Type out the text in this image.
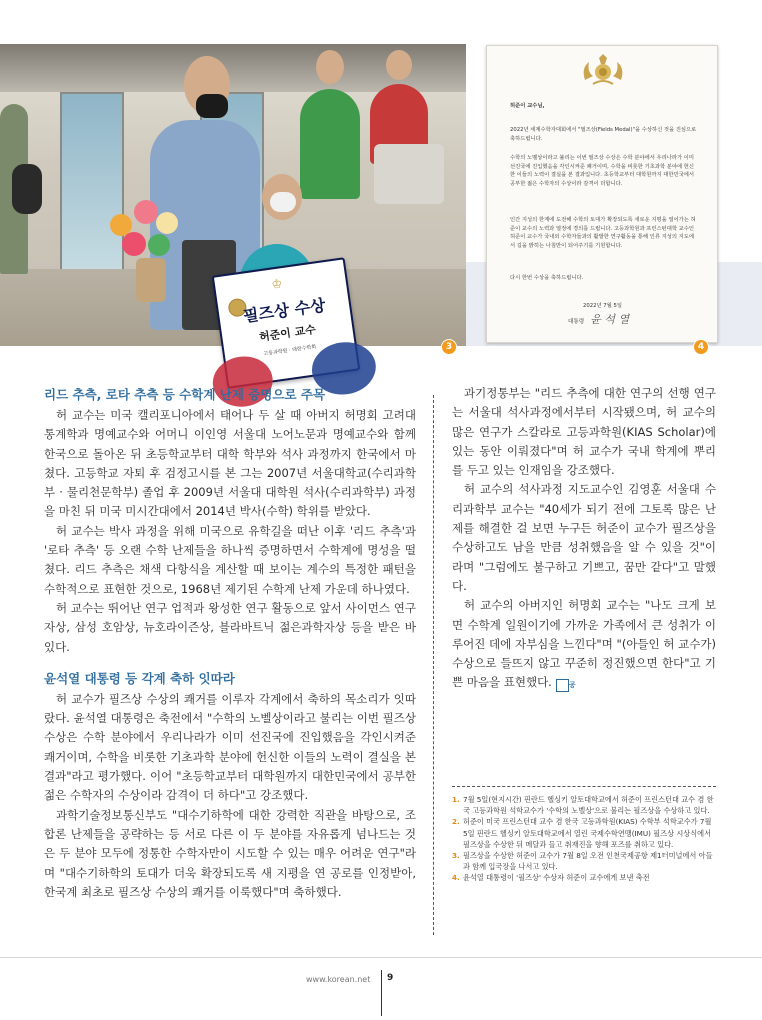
♔
필즈상 수상
허준이 교수
고등과학원 · 대한수학회	3
허준이 교수님,
2022년 세계수학자대회에서 "필즈상(Fields Medal)"을 수상하신 것을 진심으로 축하드립니다.
수학의 노벨상이라고 불리는 이번 필즈상 수상은 수학 분야에서 우리나라가 이미 선진국에 진입했음을 각인시켜준 쾌거이며, 수학을 비롯한 기초과학 분야에 헌신한 이들의 노력이 결실을 본 결과입니다. 초등학교부터 대학원까지 대한민국에서 공부한 젊은 수학자의 수상이라 감격이 더합니다.
인간 지성의 한계에 도전해 수학의 토대가 확장되도록 새로운 지평을 열어가는 허준이 교수의 노력과 열정에 경의를 드립니다. 고등과학원과 프린스턴대학 교수인 허준이 교수가 국내외 수학자들과의 활발한 연구활동을 통해 인류 지성의 지도에서 길을 밝히는 나침반이 되어주기를 기원합니다.
다시 한번 수상을 축하드립니다.
2022년 7월 5일
대통령 윤 석 열
4
리드 추측, 로타 추측 등 수학계 난제 증명으로 주목

허 교수는 미국 캘리포니아에서 태어나 두 살 때 아버지 허명회 고려대 통계학과 명예교수와 어머니 이인영 서울대 노어노문과 명예교수와 함께 한국으로 돌아온 뒤 초등학교부터 대학 학부와 석사 과정까지 한국에서 마쳤다. 고등학교 자퇴 후 검정고시를 본 그는 2007년 서울대학교(수리과학부 · 물리천문학부) 졸업 후 2009년 서울대 대학원 석사(수리과학부) 과정을 마친 뒤 미국 미시간대에서 2014년 박사(수학) 학위를 받았다.

허 교수는 박사 과정을 위해 미국으로 유학길을 떠난 이후 '리드 추측'과 '로타 추측' 등 오랜 수학 난제들을 하나씩 증명하면서 수학계에 명성을 떨쳤다. 리드 추측은 채색 다항식을 계산할 때 보이는 계수의 특정한 패턴을 수학적으로 표현한 것으로, 1968년 제기된 수학계 난제 가운데 하나였다.

허 교수는 뛰어난 연구 업적과 왕성한 연구 활동으로 앞서 사이먼스 연구자상, 삼성 호암상, 뉴호라이즌상, 블라바트닉 젊은과학자상 등을 받은 바 있다.

윤석열 대통령 등 각계 축하 잇따라

허 교수가 필즈상 수상의 쾌거를 이루자 각계에서 축하의 목소리가 잇따랐다. 윤석열 대통령은 축전에서 "수학의 노벨상이라고 불리는 이번 필즈상 수상은 수학 분야에서 우리나라가 이미 선진국에 진입했음을 각인시켜준 쾌거이며, 수학을 비롯한 기초과학 분야에 헌신한 이들의 노력이 결실을 본 결과"라고 평가했다. 이어 "초등학교부터 대학원까지 대한민국에서 공부한 젊은 수학자의 수상이라 감격이 더 하다"고 강조했다.

과학기술정보통신부도 "대수기하학에 대한 강력한 직관을 바탕으로, 조합론 난제들을 공략하는 등 서로 다른 이 두 분야를 자유롭게 넘나드는 것은 두 분야 모두에 정통한 수학자만이 시도할 수 있는 매우 어려운 연구"라며 "대수기하학의 토대가 더욱 확장되도록 새 지평을 연 공로를 인정받아, 한국계 최초로 필즈상 수상의 쾌거를 이룩했다"며 축하했다.

과기정통부는 "리드 추측에 대한 연구의 선행 연구는 서울대 석사과정에서부터 시작됐으며, 허 교수의 많은 연구가 스칼라로 고등과학원(KIAS Scholar)에 있는 동안 이뤄졌다"며 허 교수가 국내 학계에 뿌리를 두고 있는 인재임을 강조했다.

허 교수의 석사과정 지도교수인 김영훈 서울대 수리과학부 교수는 "40세가 되기 전에 그토록 많은 난제를 해결한 걸 보면 누구든 허준이 교수가 필즈상을 수상하고도 남을 만큼 성취했음을 알 수 있을 것"이라며 "그럼에도 불구하고 기쁘고, 꿈만 같다"고 말했다.

허 교수의 아버지인 허명회 교수는 "나도 크게 보면 수학계 일원이기에 가까운 가족에서 큰 성취가 이루어진 데에 자부심을 느낀다"며 "(아들인 허 교수가) 수상으로 들뜨지 않고 꾸준히 정진했으면 한다"고 기쁜 마음을 표현했다. 공

1. 7월 5일(현지시간) 핀란드 헬싱키 알토대학교에서 허준이 프린스턴대 교수 겸 한국 고등과학원 석학교수가 '수학의 노벨상'으로 불리는 필즈상을 수상하고 있다.
2. 허준이 미국 프린스턴대 교수 겸 한국 고등과학원(KIAS) 수학부 석학교수가 7월 5일 핀란드 헬싱키 알토대학교에서 열린 국제수학연맹(IMU) 필즈상 시상식에서 필즈상을 수상한 뒤 메달과 들고 취재진을 향해 포즈를 취하고 있다.
3. 필즈상을 수상한 허준이 교수가 7월 8일 오전 인천국제공항 제1터미널에서 아들과 함께 입국장을 나서고 있다.
4. 윤석열 대통령이 '필즈상' 수상자 허준이 교수에게 보낸 축전
www.korean.net 9
